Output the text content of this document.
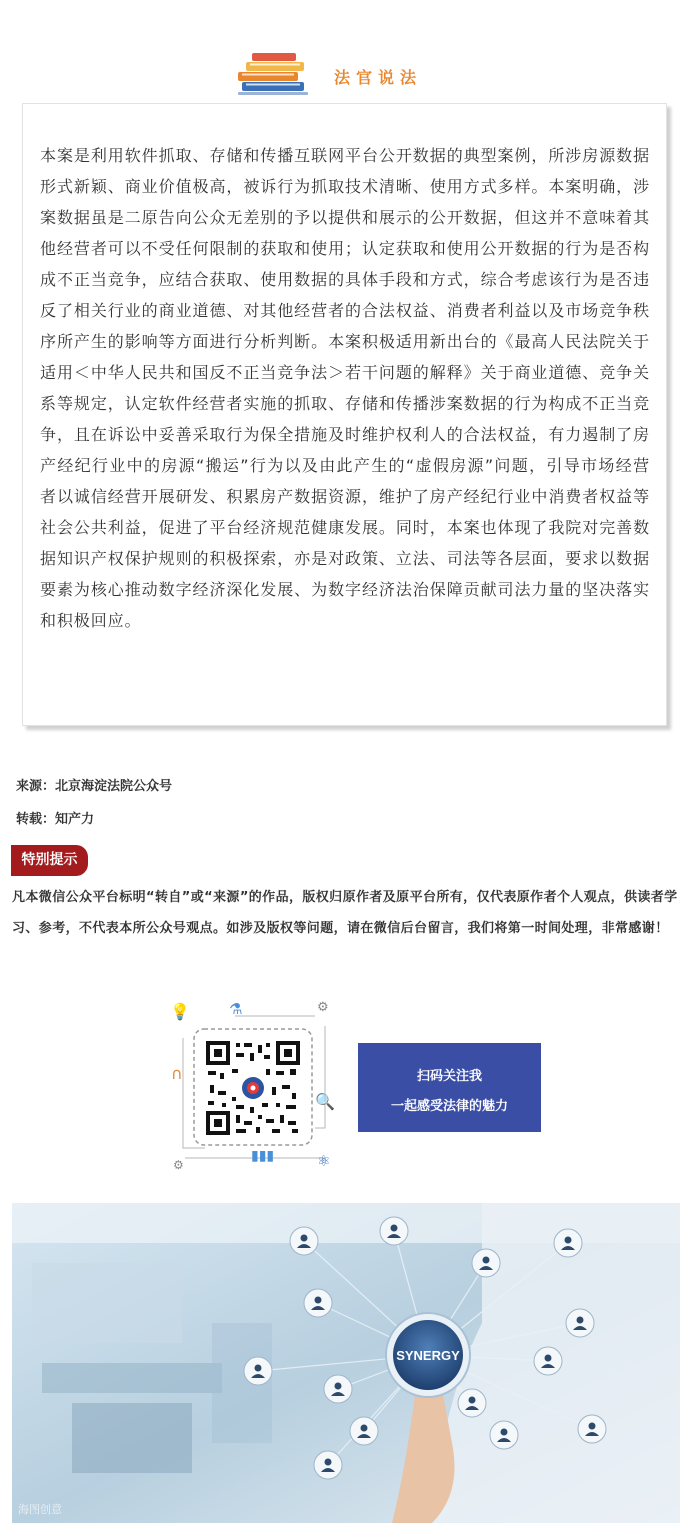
法官说法

本案是利用软件抓取、存储和传播互联网平台公开数据的典型案例，所涉房源数据形式新颖、商业价值极高，被诉行为抓取技术清晰、使用方式多样。本案明确，涉案数据虽是二原告向公众无差别的予以提供和展示的公开数据，但这并不意味着其他经营者可以不受任何限制的获取和使用；认定获取和使用公开数据的行为是否构成不正当竞争，应结合获取、使用数据的具体手段和方式，综合考虑该行为是否违反了相关行业的商业道德、对其他经营者的合法权益、消费者利益以及市场竞争秩序所产生的影响等方面进行分析判断。本案积极适用新出台的《最高人民法院关于适用＜中华人民共和国反不正当竞争法＞若干问题的解释》关于商业道德、竞争关系等规定，认定软件经营者实施的抓取、存储和传播涉案数据的行为构成不正当竞争，且在诉讼中妥善采取行为保全措施及时维护权利人的合法权益，有力遏制了房产经纪行业中的房源“搬运”行为以及由此产生的“虚假房源”问题，引导市场经营者以诚信经营开展研发、积累房产数据资源，维护了房产经纪行业中消费者权益等社会公共利益，促进了平台经济规范健康发展。同时，本案也体现了我院对完善数据知识产权保护规则的积极探索，亦是对政策、立法、司法等各层面，要求以数据要素为核心推动数字经济深化发展、为数字经济法治保障贡献司法力量的坚决落实和积极回应。

来源：北京海淀法院公众号
转载：知产力
特别提示

凡本微信公众平台标明“转自”或“来源”的作品，版权归原作者及原平台所有，仅代表原作者个人观点，供读者学习、参考，不代表本所公众号观点。如涉及版权等问题，请在微信后台留言，我们将第一时间处理，非常感谢！

💡	⚗	⚙
∩
🔍
▮▮▮	⚛
⚙
扫码关注我
一起感受法律的魅力
SYNERGY
海图创意
